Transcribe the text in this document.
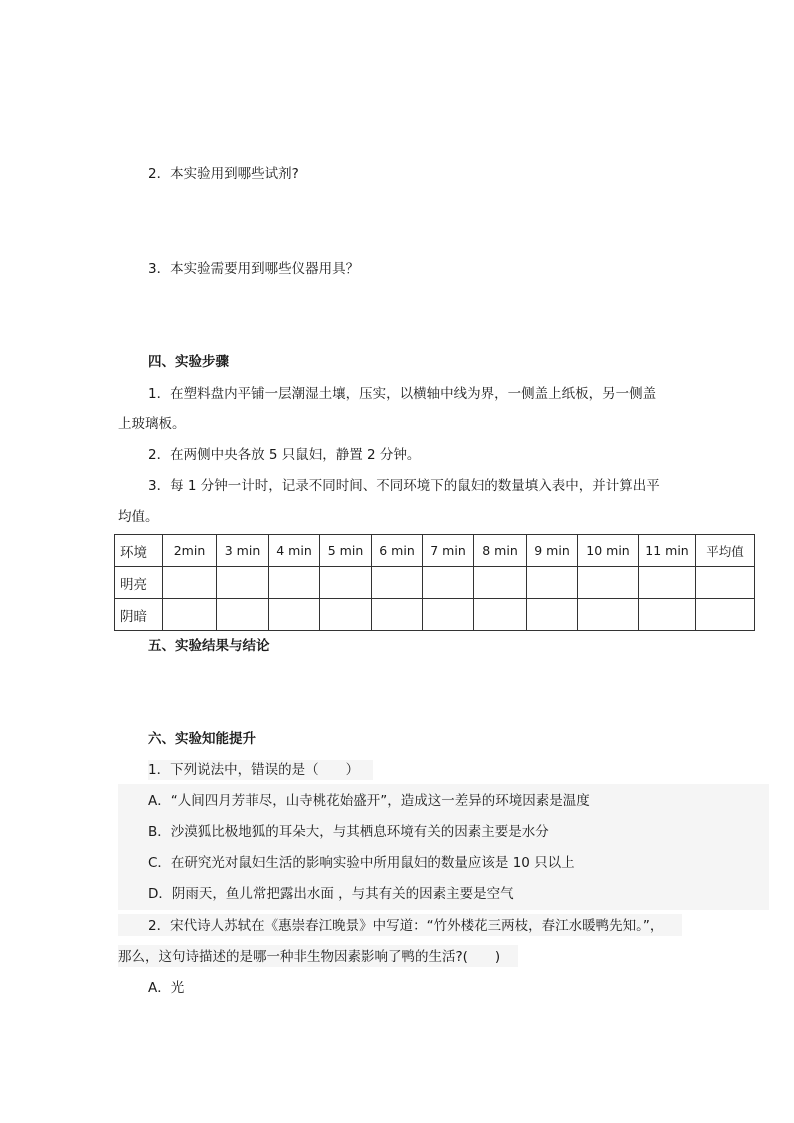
2．本实验用到哪些试剂?
3．本实验需要用到哪些仪器用具？
四、实验步骤
1．在塑料盘内平铺一层潮湿土壤，压实，以横轴中线为界，一侧盖上纸板，另一侧盖
上玻璃板。
2．在两侧中央各放 5 只鼠妇，静置 2 分钟。
3．每 1 分钟一计时，记录不同时间、不同环境下的鼠妇的数量填入表中，并计算出平
均值。
环境	2min	3 min	4 min	5 min	6 min	7 min	8 min	9 min	10 min	11 min	平均值
明亮											
阴暗											
五、实验结果与结论
六、实验知能提升
1．下列说法中，错误的是（　　）
A．“人间四月芳菲尽，山寺桃花始盛开”，造成这一差异的环境因素是温度
B．沙漠狐比极地狐的耳朵大，与其栖息环境有关的因素主要是水分
C．在研究光对鼠妇生活的影响实验中所用鼠妇的数量应该是 10 只以上
D．阴雨天，鱼儿常把露出水面 ，与其有关的因素主要是空气
2．宋代诗人苏轼在《惠崇春江晚景》中写道：“竹外楼花三两枝，春江水暖鸭先知。”，
那么，这句诗描述的是哪一种非生物因素影响了鸭的生活?(　　)
A．光
